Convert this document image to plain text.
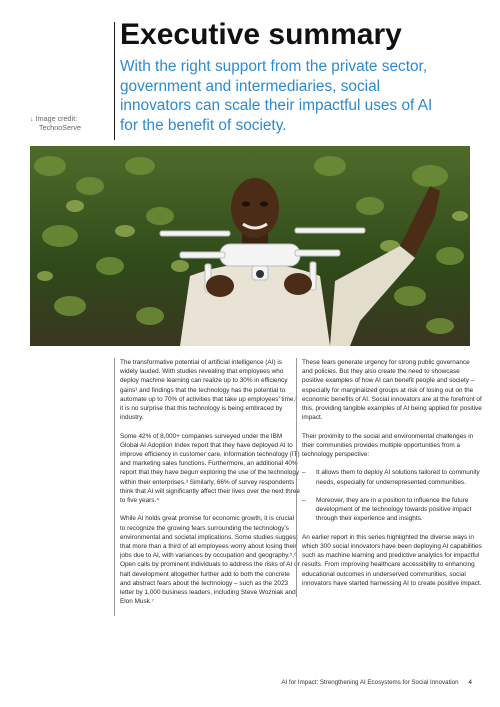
Executive summary

With the right support from the private sector, government and intermediaries, social innovators can scale their impactful uses of AI for the benefit of society.

↓ Image credit:
TechnoServe

The transformative potential of artificial intelligence (AI) is widely lauded. With studies revealing that employees who deploy machine learning can realize up to 30% in efficiency gains¹ and findings that the technology has the potential to automate up to 70% of activities that take up employees’ time,² it is no surprise that this technology is being embraced by industry.

Some 42% of 8,000+ companies surveyed under the IBM Global AI Adoption Index report that they have deployed AI to improve efficiency in customer care, information technology (IT) and marketing sales functions. Furthermore, an additional 40% report that they have begun exploring the use of the technology within their enterprises.³ Similarly, 66% of survey respondents think that AI will significantly affect their lives over the next three to five years.⁴

While AI holds great promise for economic growth, it is crucial to recognize the growing fears surrounding the technology’s environmental and societal implications. Some studies suggest that more than a third of all employees worry about losing their jobs due to AI, with variances by occupation and geography.⁵,⁶ Open calls by prominent individuals to address the risks of AI or halt development altogether further add to both the concrete and abstract fears about the technology – such as the 2023 letter by 1,000 business leaders, including Steve Wozniak and Elon Musk.⁷

These fears generate urgency for strong public governance and policies. But they also create the need to showcase positive examples of how AI can benefit people and society – especially for marginalized groups at risk of losing out on the economic benefits of AI. Social innovators are at the forefront of this, providing tangible examples of AI being applied for positive impact.

Their proximity to the social and environmental challenges in their communities provides multiple opportunities from a technology perspective:

– It allows them to deploy AI solutions tailored to community needs, especially for underrepresented communities.
– Moreover, they are in a position to influence the future development of the technology towards positive impact through their experience and insights.

An earlier report in this series highlighted the diverse ways in which 300 social innovators have been deploying AI capabilities such as machine learning and predictive analytics for impactful results. From improving healthcare accessibility to enhancing educational outcomes in underserved communities, social innovators have started harnessing AI to create positive impact.

AI for Impact: Strengthening AI Ecosystems for Social Innovation 4
